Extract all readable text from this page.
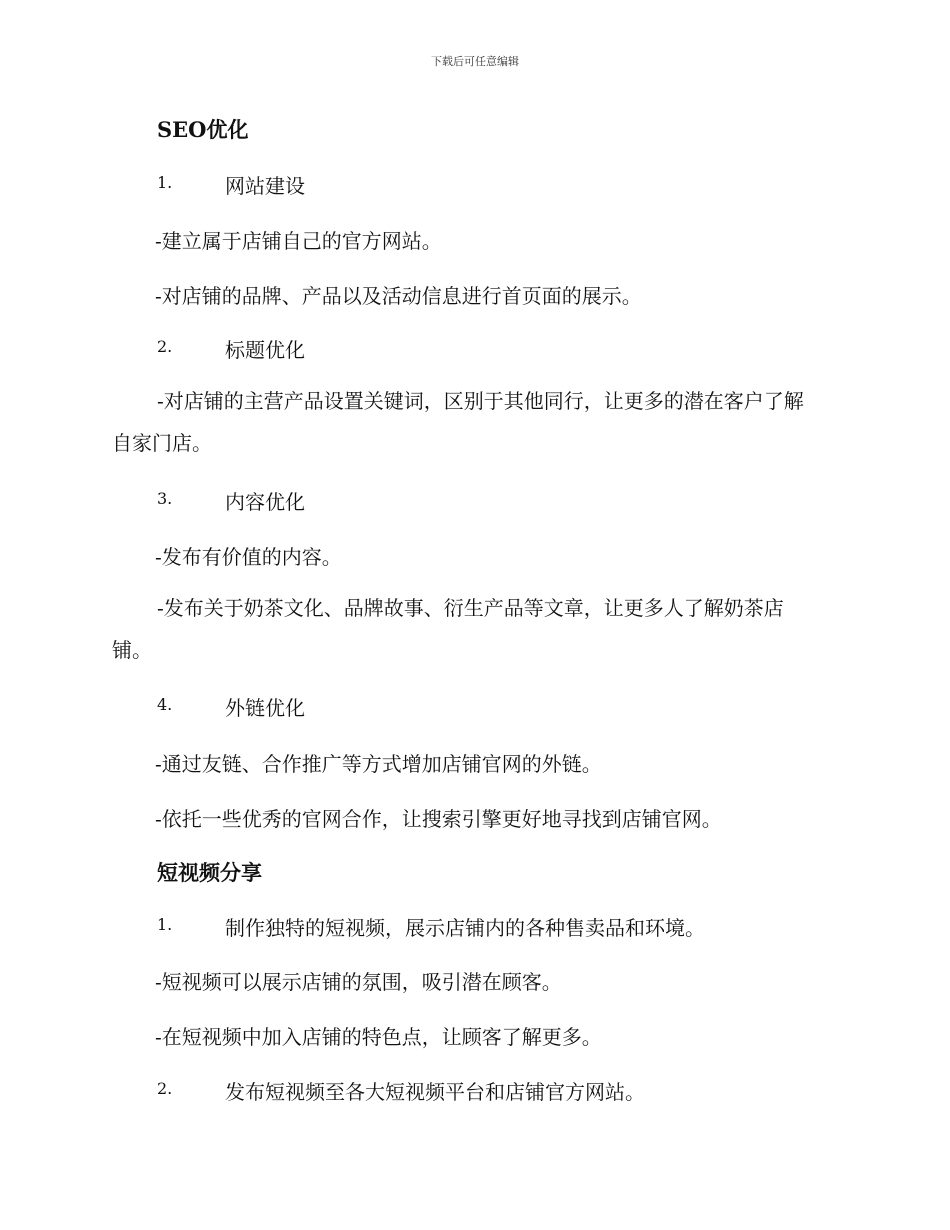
下载后可任意编辑
SEO优化
1.	网站建设
-建立属于店铺自己的官方网站。
-对店铺的品牌、产品以及活动信息进行首页面的展示。
2.	标题优化
-对店铺的主营产品设置关键词，区别于其他同行，让更多的潜在客户了解自家门店。
3.	内容优化
-发布有价值的内容。
-发布关于奶茶文化、品牌故事、衍生产品等文章，让更多人了解奶茶店铺。
4.	外链优化
-通过友链、合作推广等方式增加店铺官网的外链。
-依托一些优秀的官网合作，让搜索引擎更好地寻找到店铺官网。
短视频分享
1.	制作独特的短视频，展示店铺内的各种售卖品和环境。
-短视频可以展示店铺的氛围，吸引潜在顾客。
-在短视频中加入店铺的特色点，让顾客了解更多。
2.	发布短视频至各大短视频平台和店铺官方网站。
